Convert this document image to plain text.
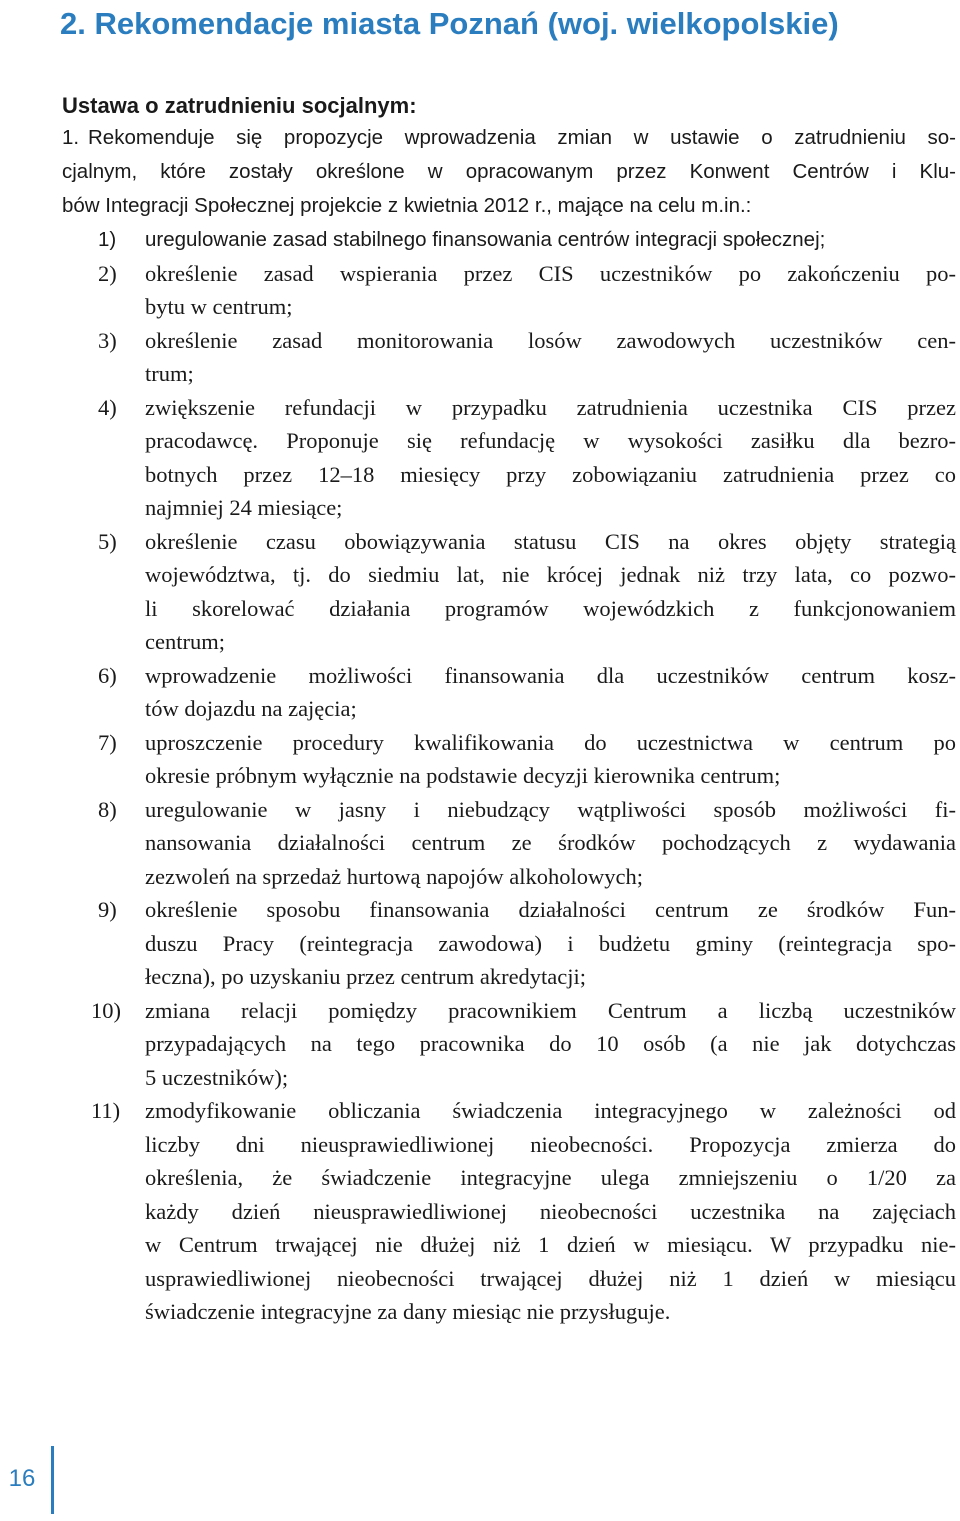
2. Rekomendacje miasta Poznań (woj. wielkopolskie)
Ustawa o zatrudnieniu socjalnym:
1. Rekomenduje się propozycje wprowadzenia zmian w ustawie o zatrudnieniu so-
cjalnym, które zostały określone w opracowanym przez Konwent Centrów i Klu-
bów Integracji Społecznej projekcie z kwietnia 2012 r., mające na celu m.in.:
1) uregulowanie zasad stabilnego finansowania centrów integracji społecznej;
2) określenie zasad wspierania przez CIS uczestników po zakończeniu po-
bytu w centrum;
3) określenie zasad monitorowania losów zawodowych uczestników cen-
trum;
4) zwiększenie refundacji w przypadku zatrudnienia uczestnika CIS przez
pracodawcę. Proponuje się refundację w wysokości zasiłku dla bezro-
botnych przez 12–18 miesięcy przy zobowiązaniu zatrudnienia przez co
najmniej 24 miesiące;
5) określenie czasu obowiązywania statusu CIS na okres objęty strategią
województwa, tj. do siedmiu lat, nie krócej jednak niż trzy lata, co pozwo-
li skorelować działania programów wojewódzkich z funkcjonowaniem
centrum;
6) wprowadzenie możliwości finansowania dla uczestników centrum kosz-
tów dojazdu na zajęcia;
7) uproszczenie procedury kwalifikowania do uczestnictwa w centrum po
okresie próbnym wyłącznie na podstawie decyzji kierownika centrum;
8) uregulowanie w jasny i niebudzący wątpliwości sposób możliwości fi-
nansowania działalności centrum ze środków pochodzących z wydawania
zezwoleń na sprzedaż hurtową napojów alkoholowych;
9) określenie sposobu finansowania działalności centrum ze środków Fun-
duszu Pracy (reintegracja zawodowa) i budżetu gminy (reintegracja spo-
łeczna), po uzyskaniu przez centrum akredytacji;
10) zmiana relacji pomiędzy pracownikiem Centrum a liczbą uczestników
przypadających na tego pracownika do 10 osób (a nie jak dotychczas
5 uczestników);
11) zmodyfikowanie obliczania świadczenia integracyjnego w zależności od
liczby dni nieusprawiedliwionej nieobecności. Propozycja zmierza do
określenia, że świadczenie integracyjne ulega zmniejszeniu o 1/20 za
każdy dzień nieusprawiedliwionej nieobecności uczestnika na zajęciach
w Centrum trwającej nie dłużej niż 1 dzień w miesiącu. W przypadku nie-
usprawiedliwionej nieobecności trwającej dłużej niż 1 dzień w miesiącu
świadczenie integracyjne za dany miesiąc nie przysługuje.
16
